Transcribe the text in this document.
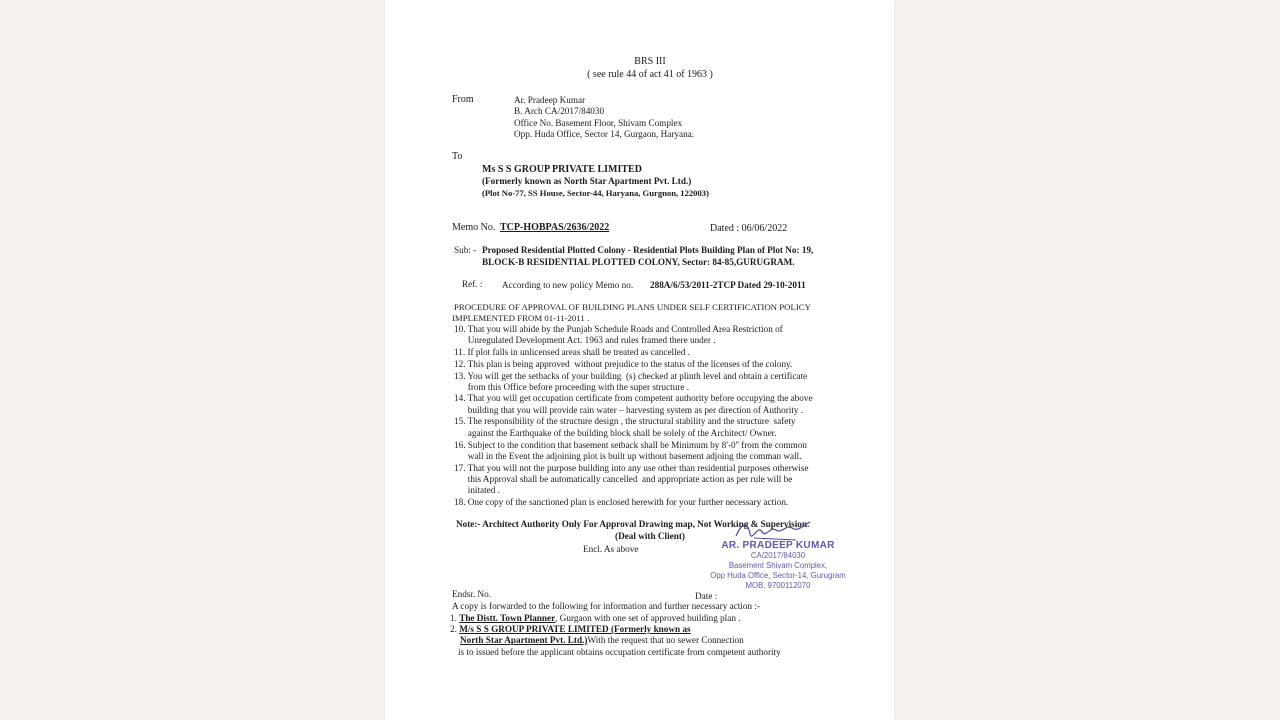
BRS III
( see rule 44 of act 41 of 1963 )
From	Ar. Pradeep Kumar
B. Arch CA/2017/84030
Office No. Basement Floor, Shivam Complex
Opp. Huda Office, Sector 14, Gurgaon, Haryana.
To
Ms S S GROUP PRIVATE LIMITED
(Formerly known as North Star Apartment Pvt. Ltd.)
(Plot No-77, SS House, Sector-44, Haryana, Gurgnon, 122003)
Memo No. TCP-HOBPAS/2636/2022	Dated : 06/06/2022
Sub: - Proposed Residential Plotted Colony - Residential Plots Building Plan of Plot No: 19,
BLOCK-B RESIDENTIAL PLOTTED COLONY, Sector: 84-85,GURUGRAM.
Ref. : According to new policy Memo no. 288A/6/53/2011-2TCP Dated 29-10-2011
PROCEDURE OF APPROVAL OF BUILDING PLANS UNDER SELF CERTIFICATION POLICY
IMPLEMENTED FROM 01-11-2011 .
10. That you will abide by the Punjab Schedule Roads and Controlled Area Restriction of
Unregulated Development Act. 1963 and rules framed there under .
11. If plot falls in unlicensed areas shall be treated as cancelled .
12. This plan is being approved  without prejudice to the status of the licenses of the colony.
13. You will get the setbacks of your building  (s) checked at plinth level and obtain a certificate
from this Office before proceeding with the super structure .
14. That you will get occupation certificate from competent authority before occupying the above
building that you will provide rain water – harvesting system as per direction of Authority .
15. The responsibility of the structure design , the structural stability and the structure  safety
against the Earthquake of the building block shall be solely of the Architect/ Owner.
16. Subject to the condition that basement setback shall be Minimum by 8'-0'' from the common
wall in the Event the adjoining plot is built up without basement adjoing the comman wall.
17. That you will not the purpose building into any use other than residential purposes otherwise
this Approval shall be automatically cancelled  and appropriate action as per rule will be
initated .
18. One copy of the sanctioned plan is enclosed herewith for your further necessary action.
Note:- Architect Authority Only For Approval Drawing map, Not Working & Supervision.
(Deal with Client)
Encl. As above	AR. PRADEEP KUMAR
CA/2017/84030
Basement Shivam Complex,
Opp Huda Office, Sector-14, Gurugram
MOB. 9700112070
Endsr. No.	Date :
A copy is forwarded to the following for information and further necessary action :-
1. The Distt. Town Planner, Gurgaon with one set of approved building plan .
2. M/s S S GROUP PRIVATE LIMITED (Formerly known as
North Star Apartment Pvt. Ltd.)With the request that no sewer Connection
is to issued before the applicant obtains occupation certificate from competent authority
